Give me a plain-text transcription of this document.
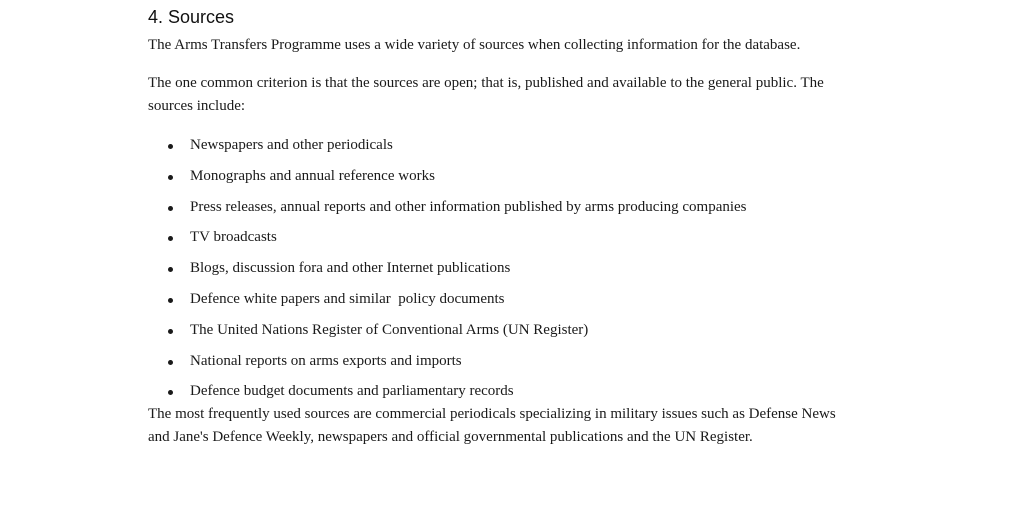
4. Sources

The Arms Transfers Programme uses a wide variety of sources when collecting information for the database.

The one common criterion is that the sources are open; that is, published and available to the general public. The sources include:

Newspapers and other periodicals
Monographs and annual reference works
Press releases, annual reports and other information published by arms producing companies
TV broadcasts
Blogs, discussion fora and other Internet publications
Defence white papers and similar  policy documents
The United Nations Register of Conventional Arms (UN Register)
National reports on arms exports and imports
Defence budget documents and parliamentary records

The most frequently used sources are commercial periodicals specializing in military issues such as Defense News and Jane's Defence Weekly, newspapers and official governmental publications and the UN Register.
